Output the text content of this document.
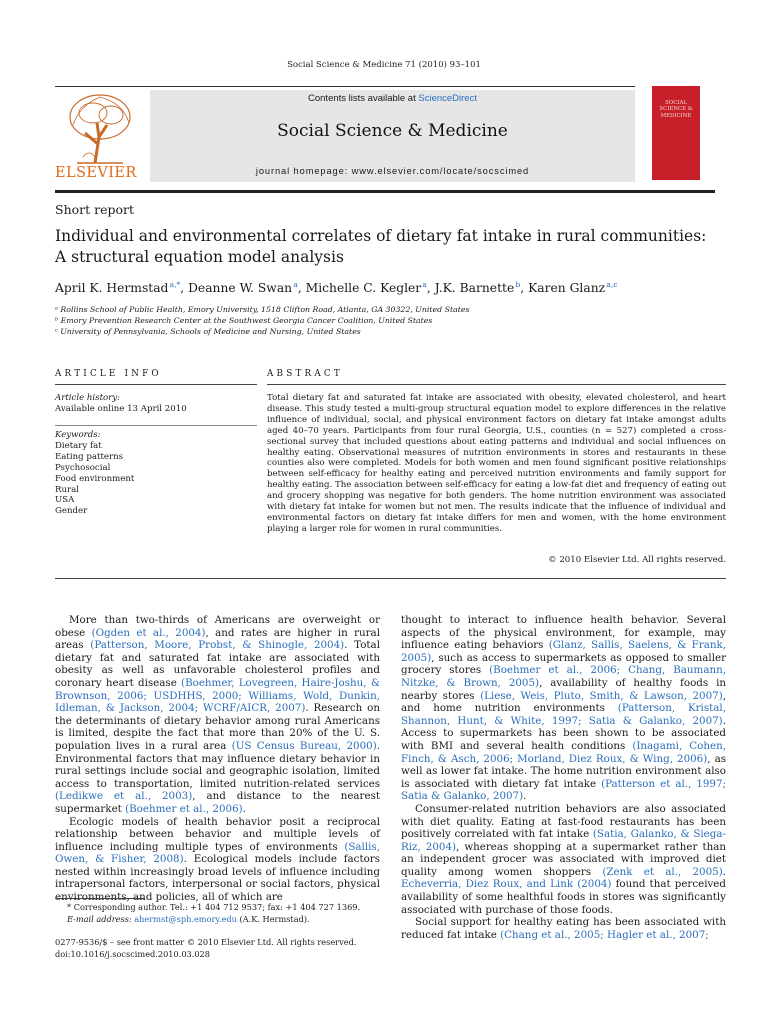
Social Science & Medicine 71 (2010) 93–101
ELSEVIER
Contents lists available at ScienceDirect
Social Science & Medicine
journal homepage: www.elsevier.com/locate/socscimed
SOCIAL SCIENCE & MEDICINE
Short report
Individual and environmental correlates of dietary fat intake in rural communities: A structural equation model analysis
April K. Hermstad $^{a,*}$, Deanne W. Swan $^a$, Michelle C. Kegler $^a$, J.K. Barnette $^b$, Karen Glanz $^{a,c}$
ᵃ Rollins School of Public Health, Emory University, 1518 Clifton Road, Atlanta, GA 30322, United States
ᵇ Emory Prevention Research Center at the Southwest Georgia Cancer Coalition, United States
ᶜ University of Pennsylvania, Schools of Medicine and Nursing, United States
ARTICLE INFO	ABSTRACT
Article history:
Available online 13 April 2010
Keywords:
Dietary fat
Eating patterns
Psychosocial
Food environment
Rural
USA
Gender
Total dietary fat and saturated fat intake are associated with obesity, elevated cholesterol, and heart disease. This study tested a multi-group structural equation model to explore differences in the relative influence of individual, social, and physical environment factors on dietary fat intake amongst adults aged 40–70 years. Participants from four rural Georgia, U.S., counties (n = 527) completed a cross-sectional survey that included questions about eating patterns and individual and social influences on healthy eating. Observational measures of nutrition environments in stores and restaurants in these counties also were completed. Models for both women and men found significant positive relationships between self-efficacy for healthy eating and perceived nutrition environments and family support for healthy eating. The association between self-efficacy for eating a low-fat diet and frequency of eating out and grocery shopping was negative for both genders. The home nutrition environment was associated with dietary fat intake for women but not men. The results indicate that the influence of individual and environmental factors on dietary fat intake differs for men and women, with the home environment playing a larger role for women in rural communities.
© 2010 Elsevier Ltd. All rights reserved.

More than two-thirds of Americans are overweight or obese (Ogden et al., 2004), and rates are higher in rural areas (Patterson, Moore, Probst, & Shinogle, 2004). Total dietary fat and saturated fat intake are associated with obesity as well as unfavorable cholesterol profiles and coronary heart disease (Boehmer, Lovegreen, Haire-Joshu, & Brownson, 2006; USDHHS, 2000; Williams, Wold, Dunkin, Idleman, & Jackson, 2004; WCRF/AICR, 2007). Research on the determinants of dietary behavior among rural Americans is limited, despite the fact that more than 20% of the U. S. population lives in a rural area (US Census Bureau, 2000). Environmental factors that may influence dietary behavior in rural settings include social and geographic isolation, limited access to transportation, limited nutrition-related services (Ledikwe et al., 2003), and distance to the nearest supermarket (Boehmer et al., 2006).

Ecologic models of health behavior posit a reciprocal relationship between behavior and multiple levels of influence including multiple types of environments (Sallis, Owen, & Fisher, 2008). Ecological models include factors nested within increasingly broad levels of influence including intrapersonal factors, interpersonal or social factors, physical environments, and policies, all of which are

thought to interact to influence health behavior. Several aspects of the physical environment, for example, may influence eating behaviors (Glanz, Sallis, Saelens, & Frank, 2005), such as access to supermarkets as opposed to smaller grocery stores (Boehmer et al., 2006; Chang, Baumann, Nitzke, & Brown, 2005), availability of healthy foods in nearby stores (Liese, Weis, Pluto, Smith, & Lawson, 2007), and home nutrition environments (Patterson, Kristal, Shannon, Hunt, & White, 1997; Satia & Galanko, 2007). Access to supermarkets has been shown to be associated with BMI and several health conditions (Inagami, Cohen, Finch, & Asch, 2006; Morland, Diez Roux, & Wing, 2006), as well as lower fat intake. The home nutrition environment also is associated with dietary fat intake (Patterson et al., 1997; Satia & Galanko, 2007).

Consumer-related nutrition behaviors are also associated with diet quality. Eating at fast-food restaurants has been positively correlated with fat intake (Satia, Galanko, & Siega-Riz, 2004), whereas shopping at a supermarket rather than an independent grocer was associated with improved diet quality among women shoppers (Zenk et al., 2005). Echeverria, Diez Roux, and Link (2004) found that perceived availability of some healthful foods in stores was significantly associated with purchase of those foods.

Social support for healthy eating has been associated with reduced fat intake (Chang et al., 2005; Hagler et al., 2007;

* Corresponding author. Tel.: +1 404 712 9537; fax: +1 404 727 1369.
E-mail address: ahermst@sph.emory.edu (A.K. Hermstad).
0277-9536/$ – see front matter © 2010 Elsevier Ltd. All rights reserved.
doi:10.1016/j.socscimed.2010.03.028
